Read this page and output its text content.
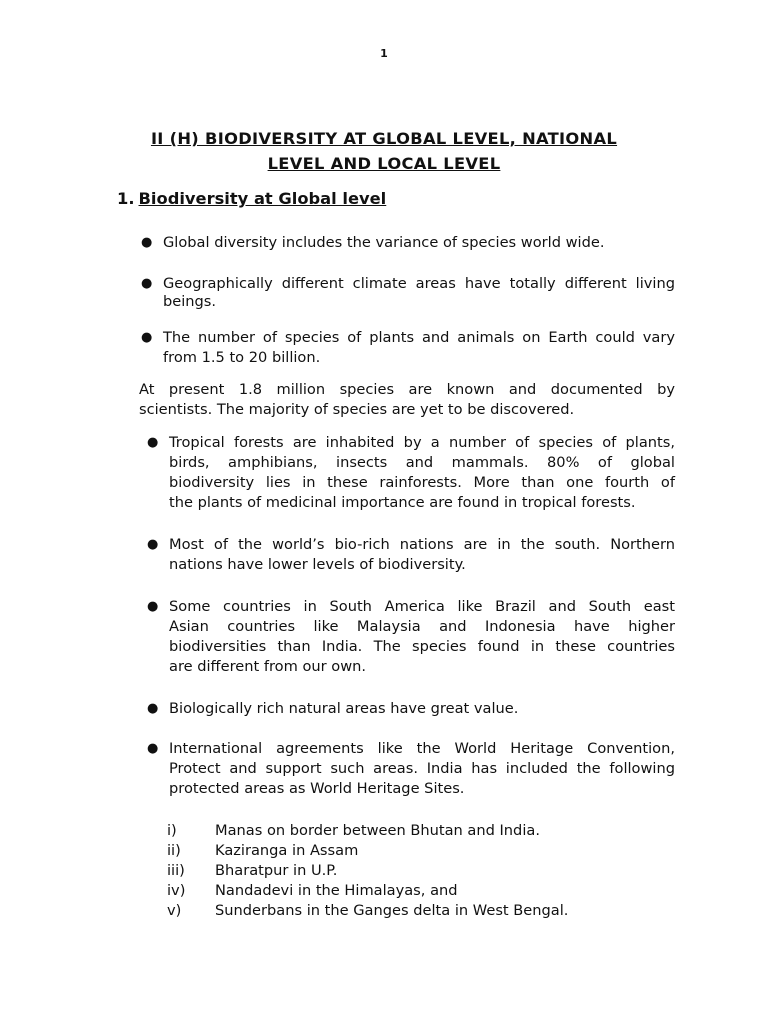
1
II (H) BIODIVERSITY AT GLOBAL LEVEL, NATIONAL
LEVEL AND LOCAL LEVEL
1. Biodiversity at Global level
● Global diversity includes the variance of species world wide.
● Geographically different climate areas have totally different living
beings.
● The number of species of plants and animals on Earth could vary
from 1.5 to 20 billion.
At present 1.8 million species are known and documented by
scientists. The majority of species are yet to be discovered.
● Tropical forests are inhabited by a number of species of plants,
birds, amphibians, insects and mammals. 80% of global
biodiversity lies in these rainforests. More than one fourth of
the plants of medicinal importance are found in tropical forests.
● Most of the world’s bio-rich nations are in the south. Northern
nations have lower levels of biodiversity.
● Some countries in South America like Brazil and South east
Asian countries like Malaysia and Indonesia have higher
biodiversities than India. The species found in these countries
are different from our own.
● Biologically rich natural areas have great value.
● International agreements like the World Heritage Convention,
Protect and support such areas. India has included the following
protected areas as World Heritage Sites.
i)	Manas on border between Bhutan and India.
ii)	Kaziranga in Assam
iii)	Bharatpur in U.P.
iv)	Nandadevi in the Himalayas, and
v)	Sunderbans in the Ganges delta in West Bengal.
